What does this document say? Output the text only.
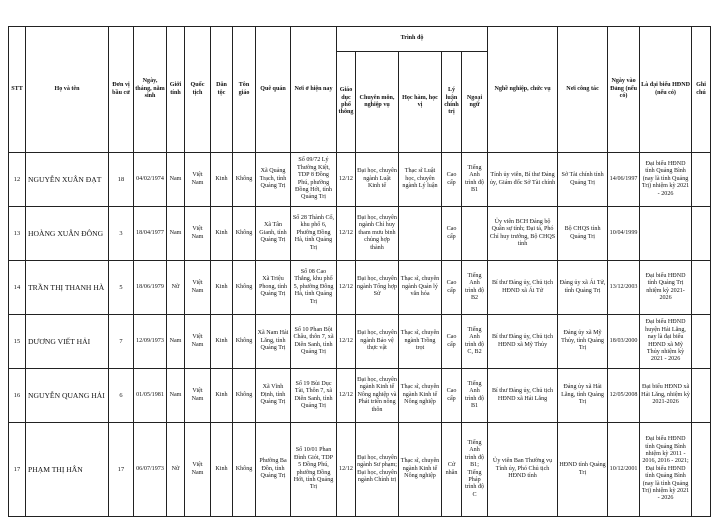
STT	Họ và tên	Đơn vị bầu cử	Ngày, tháng, năm sinh	Giới tính	Quốc tịch	Dân tộc	Tôn giáo	Quê quán	Nơi ở hiện nay	Trình độ					Nghề nghiệp, chức vụ	Nơi công tác	Ngày vào Đảng (nếu có)	Là đại biểu HĐND (nếu có)	Ghi chú
										Giáo dục phổ thông	Chuyên môn, nghiệp vụ	Học hàm, học vị	Lý luận chính trị	Ngoại ngữ					
12	NGUYỄN XUÂN ĐẠT	18	04/02/1974	Nam	Việt Nam	Kinh	Không	Xã Quảng Trạch, tỉnh Quảng Trị	Số 09/72 Lý Thường Kiệt, TDP 8 Đồng Phú, phường Đồng Hới, tỉnh Quảng Trị	12/12	Đại học, chuyên ngành Luật Kinh tế	Thạc sĩ Luật học, chuyên ngành Lý luận	Cao cấp	Tiếng Anh trình độ B1	Tỉnh ủy viên, Bí thư Đảng ủy, Giám đốc Sở Tài chính	Sở Tài chính tỉnh Quảng Trị	14/06/1997	Đại biểu HĐND tỉnh Quảng Bình (nay là tỉnh Quảng Trị) nhiệm kỳ 2021 - 2026	
13	HOÀNG XUÂN ĐÔNG	3	18/04/1977	Nam	Việt Nam	Kinh	Không	Xã Tân Gianh, tỉnh Quảng Trị	Số 28 Thành Cổ, khu phố 6, Phường Đồng Hà, tỉnh Quảng Trị	12/12	Đại học, chuyên ngành Chỉ huy tham mưu binh chủng hợp thành		Cao cấp		Ủy viên BCH Đảng bộ Quân sự tỉnh; Đại tá, Phó Chỉ huy trưởng, Bộ CHQS tỉnh	Bộ CHQS tỉnh Quảng Trị	10/04/1999		
14	TRẦN THỊ THANH HÀ	5	18/06/1979	Nữ	Việt Nam	Kinh	Không	Xã Triệu Phong, tỉnh Quảng Trị	Số 08 Cao Thắng, khu phố 5, phường Đông Hà, tỉnh Quảng Trị	12/12	Đại học, chuyên ngành Tổng hợp Sử	Thạc sĩ, chuyên ngành Quản lý văn hóa	Cao cấp	Tiếng Anh trình độ B2	Bí thư Đảng ủy, Chủ tịch HĐND xã Ái Tử	Đảng ủy xã Ái Tử, tỉnh Quảng Trị	13/12/2003	Đại biểu HĐND tỉnh Quảng Trị nhiệm kỳ 2021-2026	
15	DƯƠNG VIẾT HẢI	7	12/09/1973	Nam	Việt Nam	Kinh	Không	Xã Nam Hải Lăng, tỉnh Quảng Trị	Số 10 Phan Bội Châu, thôn 7, xã Diên Sanh, tỉnh Quảng Trị	12/12	Đại học, chuyên ngành Bảo vệ thực vật	Thạc sĩ, chuyên ngành Trồng trọt	Cao cấp	Tiếng Anh trình độ C, B2	Bí thư Đảng ủy, Chủ tịch HĐND xã Mỹ Thủy	Đảng ủy xã Mỹ Thủy, tỉnh Quảng Trị	18/03/2000	Đại biểu HĐND huyện Hải Lăng, nay là đại biểu HĐND xã Mỹ Thủy nhiệm kỳ 2021 - 2026	
16	NGUYỄN QUANG HẢI	6	01/05/1981	Nam	Việt Nam	Kinh	Không	Xã Vĩnh Định, tỉnh Quảng Trị	Số 19 Bùi Dục Tài, Thôn 7, xã Diên Sanh, tỉnh Quảng Trị	12/12	Đại học, chuyên ngành Kinh tế Nông nghiệp và Phát triển nông thôn	Thạc sĩ, chuyên ngành Kinh tế Nông nghiệp	Cao cấp	Tiếng Anh trình độ B1	Bí thư Đảng ủy, Chủ tịch HĐND xã Hải Lăng	Đảng ủy xã Hải Lăng, tỉnh Quảng Trị	12/05/2008	Đại biểu HĐND xã Hải Lăng, nhiệm kỳ 2021-2026	
17	PHẠM THỊ HÂN	17	06/07/1973	Nữ	Việt Nam	Kinh	Không	Phường Ba Đồn, tỉnh Quảng Trị	Số 10/01 Phan Đình Giót, TDP 5 Đồng Phú, phường Đồng Hới, tỉnh Quảng Trị	12/12	Đại học, chuyên ngành Sư phạm; Đại học, chuyên ngành Chính trị	Thạc sĩ, chuyên ngành Kinh tế Nông nghiệp	Cử nhân	Tiếng Anh trình độ B1; Tiếng Pháp trình độ C	Ủy viên Ban Thường vụ Tỉnh ủy, Phó Chủ tịch HĐND tỉnh	HĐND tỉnh Quảng Trị	10/12/2001	Đại biểu HĐND tỉnh Quảng Bình nhiệm kỳ 2011 - 2016, 2016 - 2021; Đại biểu HĐND tỉnh Quảng Bình (nay là tỉnh Quảng Trị) nhiệm kỳ 2021 - 2026	
